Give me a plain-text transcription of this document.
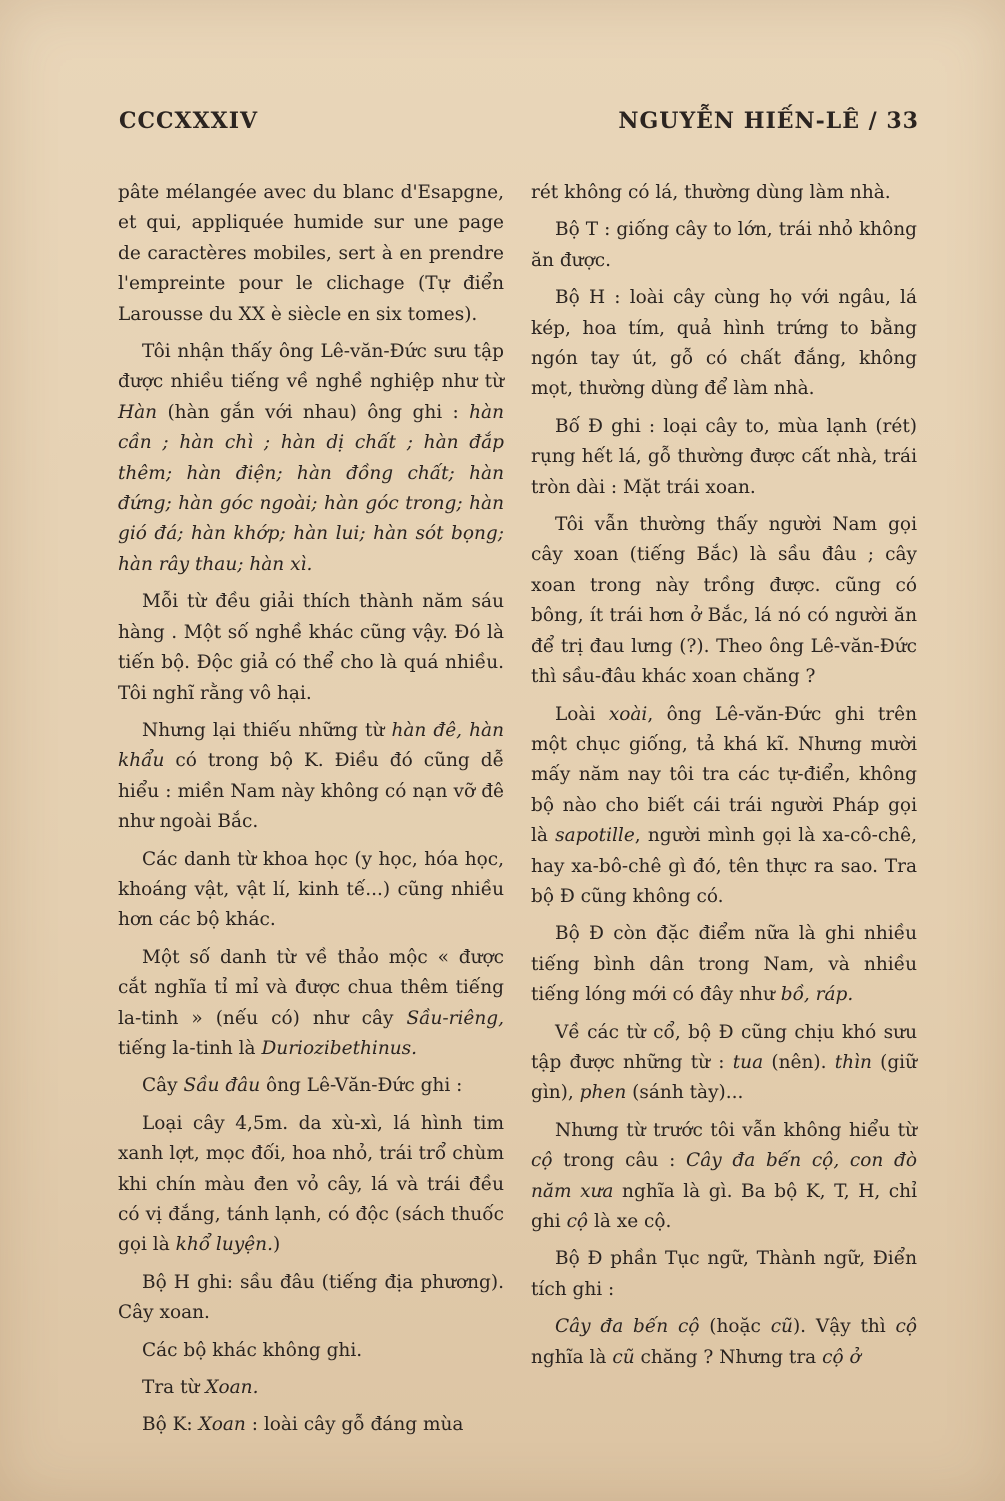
CCCXXXIV	NGUYỄN HIẾN-LÊ / 33

pâte mélangée avec du blanc d'Esapgne, et qui, appliquée humide sur une page de caractères mobiles, sert à en prendre l'empreinte pour le clichage (Tự điển Larousse du XX è siècle en six tomes).

Tôi nhận thấy ông Lê-văn-Đức sưu tập được nhiều tiếng về nghề nghiệp như từ Hàn (hàn gắn với nhau) ông ghi : hàn cần ; hàn chì ; hàn dị chất ; hàn đắp thêm; hàn điện; hàn đồng chất; hàn đứng; hàn góc ngoài; hàn góc trong; hàn gió đá; hàn khớp; hàn lui; hàn sót bọng; hàn rây thau; hàn xì.

Mỗi từ đều giải thích thành năm sáu hàng . Một số nghề khác cũng vậy. Đó là tiến bộ. Độc giả có thể cho là quá nhiều. Tôi nghĩ rằng vô hại.

Nhưng lại thiếu những từ hàn đê, hàn khẩu có trong bộ K. Điều đó cũng dễ hiểu : miền Nam này không có nạn vỡ đê như ngoài Bắc.

Các danh từ khoa học (y học, hóa học, khoáng vật, vật lí, kinh tế...) cũng nhiều hơn các bộ khác.

Một số danh từ về thảo mộc « được cắt nghĩa tỉ mỉ và được chua thêm tiếng la-tinh » (nếu có) như cây Sầu-riêng, tiếng la-tinh là Duriozibethinus.

Cây Sầu đâu ông Lê-Văn-Đức ghi :

Loại cây 4,5m. da xù-xì, lá hình tim xanh lợt, mọc đối, hoa nhỏ, trái trổ chùm khi chín màu đen vỏ cây, lá và trái đều có vị đắng, tánh lạnh, có độc (sách thuốc gọi là khổ luyện.)

Bộ H ghi: sầu đâu (tiếng địa phương). Cây xoan.

Các bộ khác không ghi.

Tra từ Xoan.

Bộ K: Xoan : loài cây gỗ đáng mùa

rét không có lá, thường dùng làm nhà.

Bộ T : giống cây to lớn, trái nhỏ không ăn được.

Bộ H : loài cây cùng họ với ngâu, lá kép, hoa tím, quả hình trứng to bằng ngón tay út, gỗ có chất đắng, không mọt, thường dùng để làm nhà.

Bố Đ ghi : loại cây to, mùa lạnh (rét) rụng hết lá, gỗ thường được cất nhà, trái tròn dài : Mặt trái xoan.

Tôi vẫn thường thấy người Nam gọi cây xoan (tiếng Bắc) là sầu đâu ; cây xoan trong này trồng được. cũng có bông, ít trái hơn ở Bắc, lá nó có người ăn để trị đau lưng (?). Theo ông Lê-văn-Đức thì sầu-đâu khác xoan chăng ?

Loài xoài, ông Lê-văn-Đức ghi trên một chục giống, tả khá kĩ. Nhưng mười mấy năm nay tôi tra các tự-điển, không bộ nào cho biết cái trái người Pháp gọi là sapotille, người mình gọi là xa-cô-chê, hay xa-bô-chê gì đó, tên thực ra sao. Tra bộ Đ cũng không có.

Bộ Đ còn đặc điểm nữa là ghi nhiều tiếng bình dân trong Nam, và nhiều tiếng lóng mới có đây như bồ, ráp.

Về các từ cổ, bộ Đ cũng chịu khó sưu tập được những từ : tua (nên). thìn (giữ gìn), phen (sánh tày)...

Nhưng từ trước tôi vẫn không hiểu từ cộ trong câu : Cây đa bến cộ, con đò năm xưa nghĩa là gì. Ba bộ K, T, H, chỉ ghi cộ là xe cộ.

Bộ Đ phần Tục ngữ, Thành ngữ, Điển tích ghi :

Cây đa bến cộ (hoặc cũ). Vậy thì cộ nghĩa là cũ chăng ? Nhưng tra cộ ở
